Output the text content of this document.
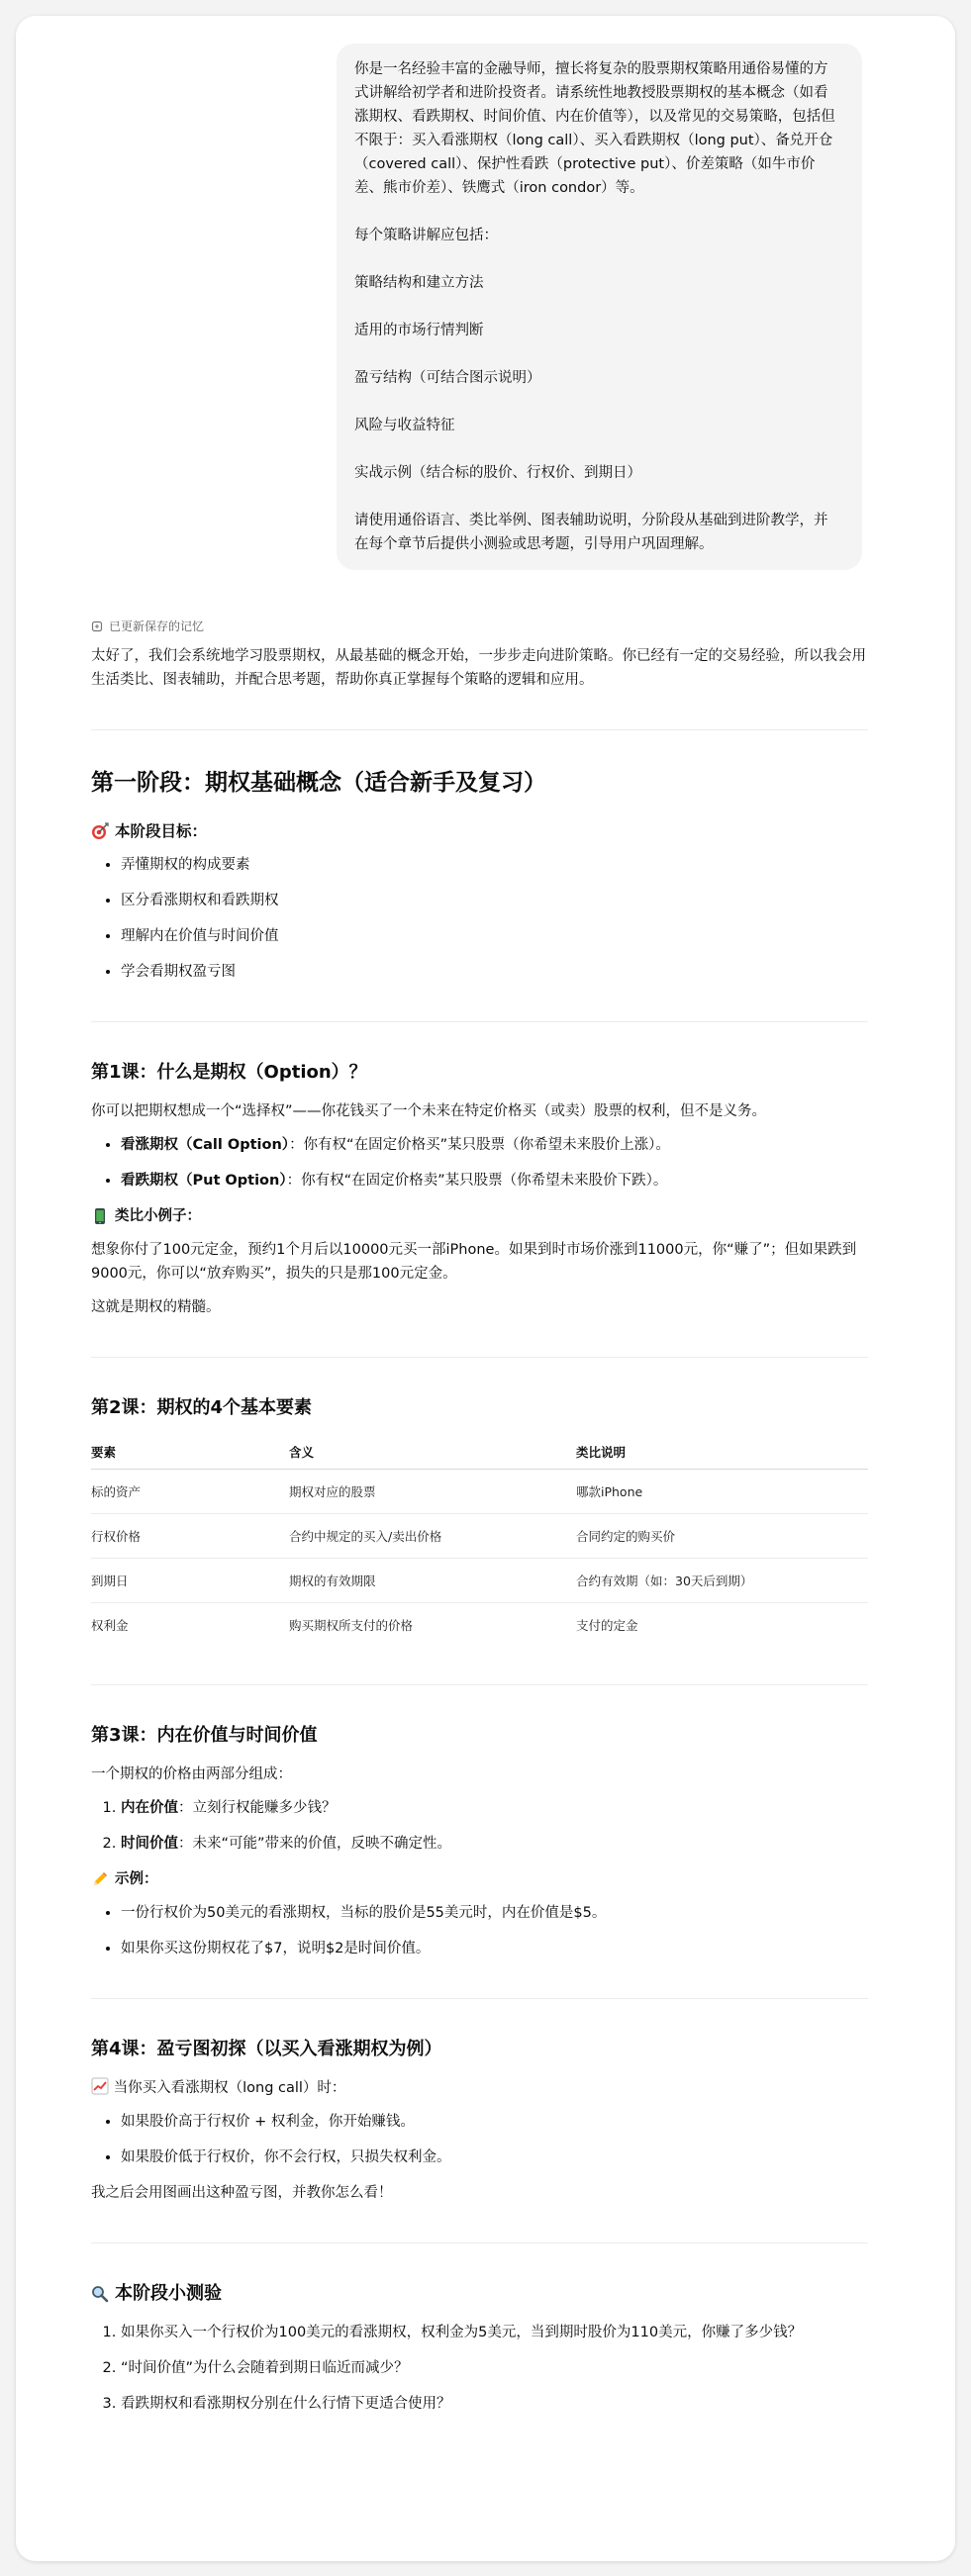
你是一名经验丰富的金融导师，擅长将复杂的股票期权策略用通俗易懂的方式讲解给初学者和进阶投资者。请系统性地教授股票期权的基本概念（如看涨期权、看跌期权、时间价值、内在价值等），以及常见的交易策略，包括但不限于：买入看涨期权（long call）、买入看跌期权（long put）、备兑开仓（covered call）、保护性看跌（protective put）、价差策略（如牛市价差、熊市价差）、铁鹰式（iron condor）等。

每个策略讲解应包括：

策略结构和建立方法

适用的市场行情判断

盈亏结构（可结合图示说明）

风险与收益特征

实战示例（结合标的股价、行权价、到期日）

请使用通俗语言、类比举例、图表辅助说明，分阶段从基础到进阶教学，并在每个章节后提供小测验或思考题，引导用户巩固理解。

已更新保存的记忆

太好了，我们会系统地学习股票期权，从最基础的概念开始，一步步走向进阶策略。你已经有一定的交易经验，所以我会用生活类比、图表辅助，并配合思考题，帮助你真正掌握每个策略的逻辑和应用。

第一阶段：期权基础概念（适合新手及复习）
本阶段目标：
• 弄懂期权的构成要素
• 区分看涨期权和看跌期权
• 理解内在价值与时间价值
• 学会看期权盈亏图
第1课：什么是期权（Option）？

你可以把期权想成一个“选择权”——你花钱买了一个未来在特定价格买（或卖）股票的权利，但不是义务。

• 看涨期权（Call Option）：你有权“在固定价格买”某只股票（你希望未来股价上涨）。
• 看跌期权（Put Option）：你有权“在固定价格卖”某只股票（你希望未来股价下跌）。
类比小例子：

想象你付了100元定金，预约1个月后以10000元买一部iPhone。如果到时市场价涨到11000元，你“赚了”；但如果跌到9000元，你可以“放弃购买”，损失的只是那100元定金。

这就是期权的精髓。

第2课：期权的4个基本要素
要素	含义	类比说明
标的资产	期权对应的股票	哪款iPhone
行权价格	合约中规定的买入/卖出价格	合同约定的购买价
到期日	期权的有效期限	合约有效期（如：30天后到期）
权利金	购买期权所支付的价格	支付的定金
第3课：内在价值与时间价值

一个期权的价格由两部分组成：

1. 内在价值：立刻行权能赚多少钱？
2. 时间价值：未来“可能”带来的价值，反映不确定性。
示例：
• 一份行权价为50美元的看涨期权，当标的股价是55美元时，内在价值是$5。
• 如果你买这份期权花了$7，说明$2是时间价值。
第4课：盈亏图初探（以买入看涨期权为例）

当你买入看涨期权（long call）时：

• 如果股价高于行权价 + 权利金，你开始赚钱。
• 如果股价低于行权价，你不会行权，只损失权利金。

我之后会用图画出这种盈亏图，并教你怎么看！

本阶段小测验
1. 如果你买入一个行权价为100美元的看涨期权，权利金为5美元，当到期时股价为110美元，你赚了多少钱？
2. “时间价值”为什么会随着到期日临近而减少？
3. 看跌期权和看涨期权分别在什么行情下更适合使用？
